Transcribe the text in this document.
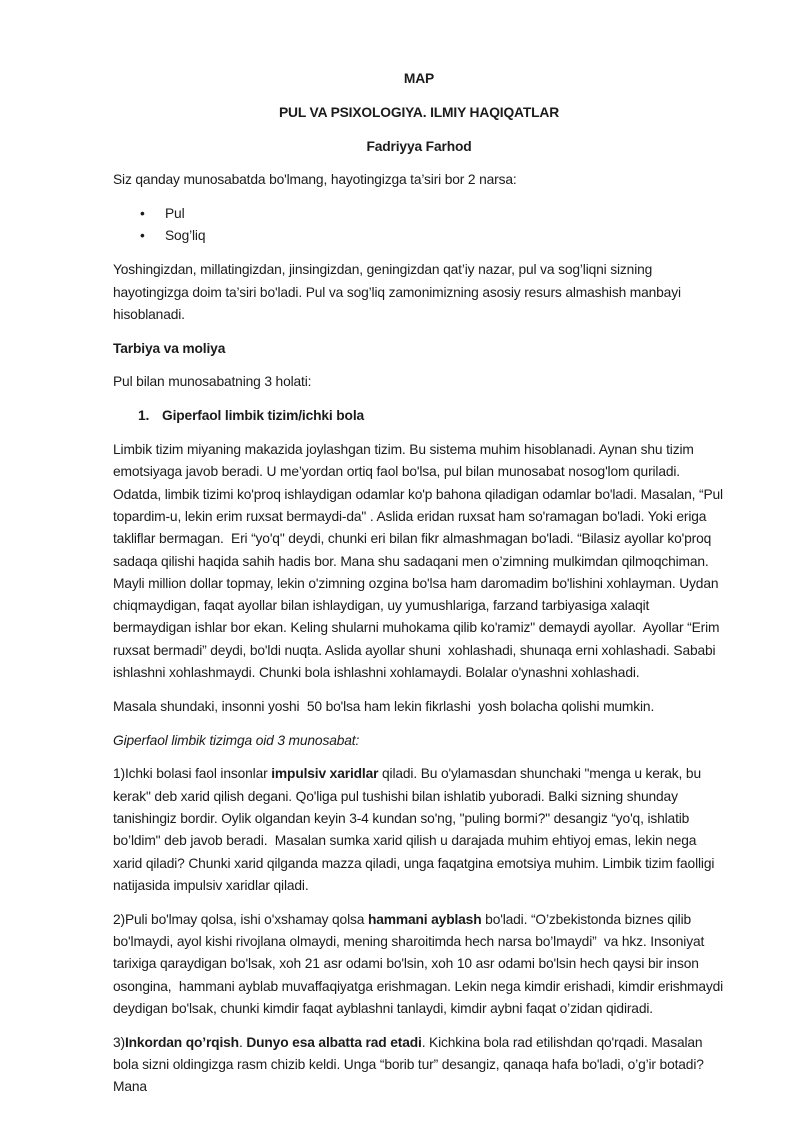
MAP

PUL VA PSIXOLOGIYA. ILMIY HAQIQATLAR

Fadriyya Farhod

Siz qanday munosabatda bo'lmang, hayotingizga ta’siri bor 2 narsa:

• Pul
• Sog’liq

Yoshingizdan, millatingizdan, jinsingizdan, geningizdan qat’iy nazar, pul va sog’liqni sizning hayotingizga doim ta’siri bo'ladi. Pul va sog’liq zamonimizning asosiy resurs almashish manbayi hisoblanadi.

Tarbiya va moliya

Pul bilan munosabatning 3 holati:

1. Giperfaol limbik tizim/ichki bola

Limbik tizim miyaning makazida joylashgan tizim. Bu sistema muhim hisoblanadi. Aynan shu tizim emotsiyaga javob beradi. U me’yordan ortiq faol bo'lsa, pul bilan munosabat nosog'lom quriladi. Odatda, limbik tizimi ko'proq ishlaydigan odamlar ko'p bahona qiladigan odamlar bo'ladi. Masalan, “Pul topardim-u, lekin erim ruxsat bermaydi-da" . Aslida eridan ruxsat ham so'ramagan bo'ladi. Yoki eriga takliflar bermagan.  Eri “yo'q" deydi, chunki eri bilan fikr almashmagan bo'ladi. “Bilasiz ayollar ko'proq sadaqa qilishi haqida sahih hadis bor. Mana shu sadaqani men o’zimning mulkimdan qilmoqchiman. Mayli million dollar topmay, lekin o'zimning ozgina bo'lsa ham daromadim bo'lishini xohlayman. Uydan chiqmaydigan, faqat ayollar bilan ishlaydigan, uy yumushlariga, farzand tarbiyasiga xalaqit bermaydigan ishlar bor ekan. Keling shularni muhokama qilib ko'ramiz" demaydi ayollar.  Ayollar “Erim ruxsat bermadi” deydi, bo'ldi nuqta. Aslida ayollar shuni  xohlashadi, shunaqa erni xohlashadi. Sababi ishlashni xohlashmaydi. Chunki bola ishlashni xohlamaydi. Bolalar o'ynashni xohlashadi.

Masala shundaki, insonni yoshi  50 bo'lsa ham lekin fikrlashi  yosh bolacha qolishi mumkin.

Giperfaol limbik tizimga oid 3 munosabat:

1)Ichki bolasi faol insonlar impulsiv xaridlar qiladi. Bu o'ylamasdan shunchaki "menga u kerak, bu kerak" deb xarid qilish degani. Qo'liga pul tushishi bilan ishlatib yuboradi. Balki sizning shunday tanishingiz bordir. Oylik olgandan keyin 3-4 kundan so'ng, "puling bormi?" desangiz “yo'q, ishlatib bo’ldim" deb javob beradi.  Masalan sumka xarid qilish u darajada muhim ehtiyoj emas, lekin nega xarid qiladi? Chunki xarid qilganda mazza qiladi, unga faqatgina emotsiya muhim. Limbik tizim faolligi natijasida impulsiv xaridlar qiladi.

2)Puli bo'lmay qolsa, ishi o'xshamay qolsa hammani ayblash bo'ladi. “O’zbekistonda biznes qilib bo'lmaydi, ayol kishi rivojlana olmaydi, mening sharoitimda hech narsa bo’lmaydi”  va hkz. Insoniyat tarixiga qaraydigan bo'lsak, xoh 21 asr odami bo'lsin, xoh 10 asr odami bo'lsin hech qaysi bir inson osongina,  hammani ayblab muvaffaqiyatga erishmagan. Lekin nega kimdir erishadi, kimdir erishmaydi deydigan bo'lsak, chunki kimdir faqat ayblashni tanlaydi, kimdir aybni faqat o’zidan qidiradi.

3)Inkordan qo’rqish. Dunyo esa albatta rad etadi. Kichkina bola rad etilishdan qo'rqadi. Masalan bola sizni oldingizga rasm chizib keldi. Unga “borib tur” desangiz, qanaqa hafa bo'ladi, o’g’ir botadi? Mana
